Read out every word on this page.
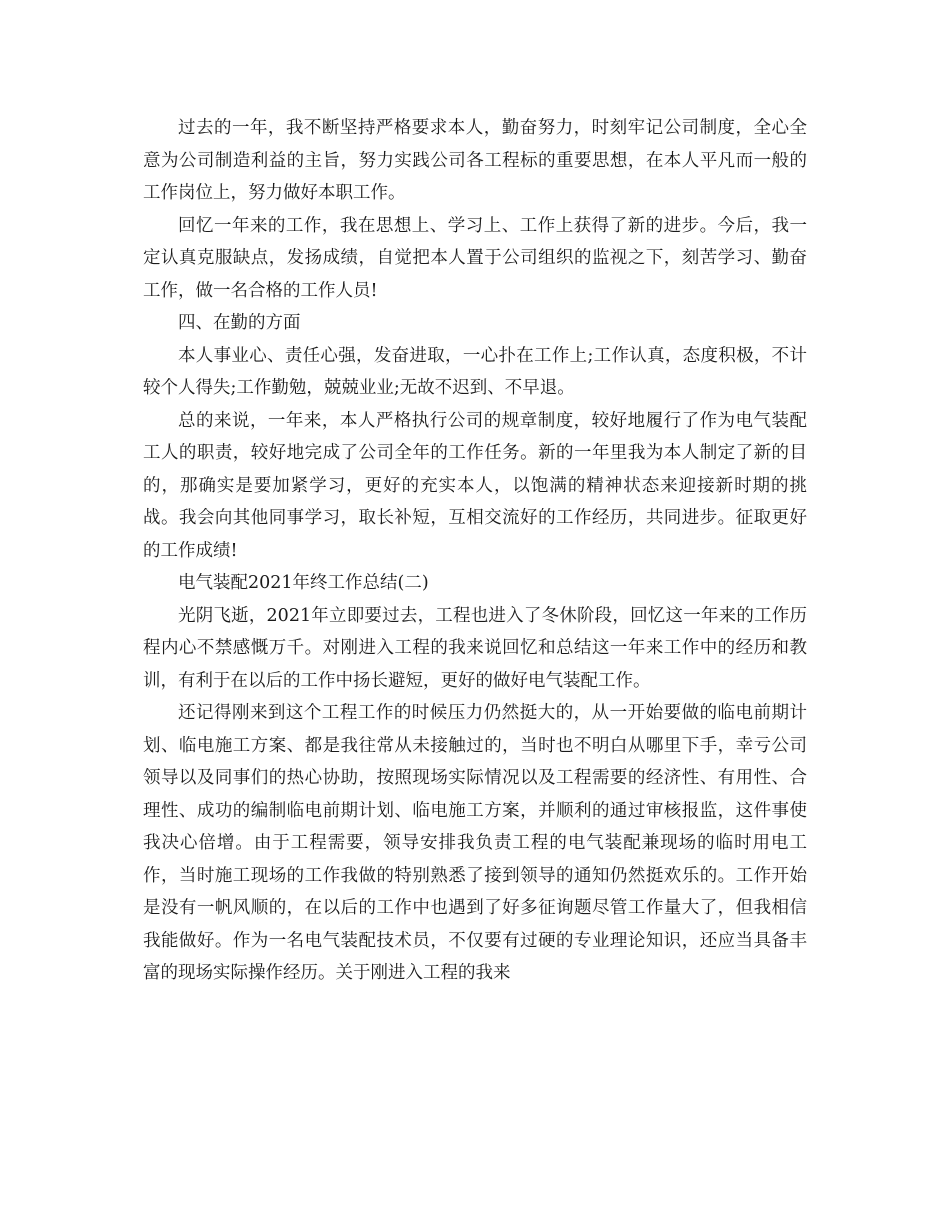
过去的一年，我不断坚持严格要求本人，勤奋努力，时刻牢记公司制度，全心全意为公司制造利益的主旨，努力实践公司各工程标的重要思想，在本人平凡而一般的工作岗位上，努力做好本职工作。

回忆一年来的工作，我在思想上、学习上、工作上获得了新的进步。今后，我一定认真克服缺点，发扬成绩，自觉把本人置于公司组织的监视之下，刻苦学习、勤奋工作，做一名合格的工作人员!

四、在勤的方面

本人事业心、责任心强，发奋进取，一心扑在工作上;工作认真，态度积极，不计较个人得失;工作勤勉，兢兢业业;无故不迟到、不早退。

总的来说，一年来，本人严格执行公司的规章制度，较好地履行了作为电气装配工人的职责，较好地完成了公司全年的工作任务。新的一年里我为本人制定了新的目的，那确实是要加紧学习，更好的充实本人，以饱满的精神状态来迎接新时期的挑战。我会向其他同事学习，取长补短，互相交流好的工作经历，共同进步。征取更好的工作成绩!

电气装配2021年终工作总结(二)

光阴飞逝，2021年立即要过去，工程也进入了冬休阶段，回忆这一年来的工作历程内心不禁感慨万千。对刚进入工程的我来说回忆和总结这一年来工作中的经历和教训，有利于在以后的工作中扬长避短，更好的做好电气装配工作。

还记得刚来到这个工程工作的时候压力仍然挺大的，从一开始要做的临电前期计划、临电施工方案、都是我往常从未接触过的，当时也不明白从哪里下手，幸亏公司领导以及同事们的热心协助，按照现场实际情况以及工程需要的经济性、有用性、合理性、成功的编制临电前期计划、临电施工方案，并顺利的通过审核报监，这件事使我决心倍增。由于工程需要，领导安排我负责工程的电气装配兼现场的临时用电工作，当时施工现场的工作我做的特别熟悉了接到领导的通知仍然挺欢乐的。工作开始是没有一帆风顺的，在以后的工作中也遇到了好多征询题尽管工作量大了，但我相信我能做好。作为一名电气装配技术员，不仅要有过硬的专业理论知识，还应当具备丰富的现场实际操作经历。关于刚进入工程的我来
